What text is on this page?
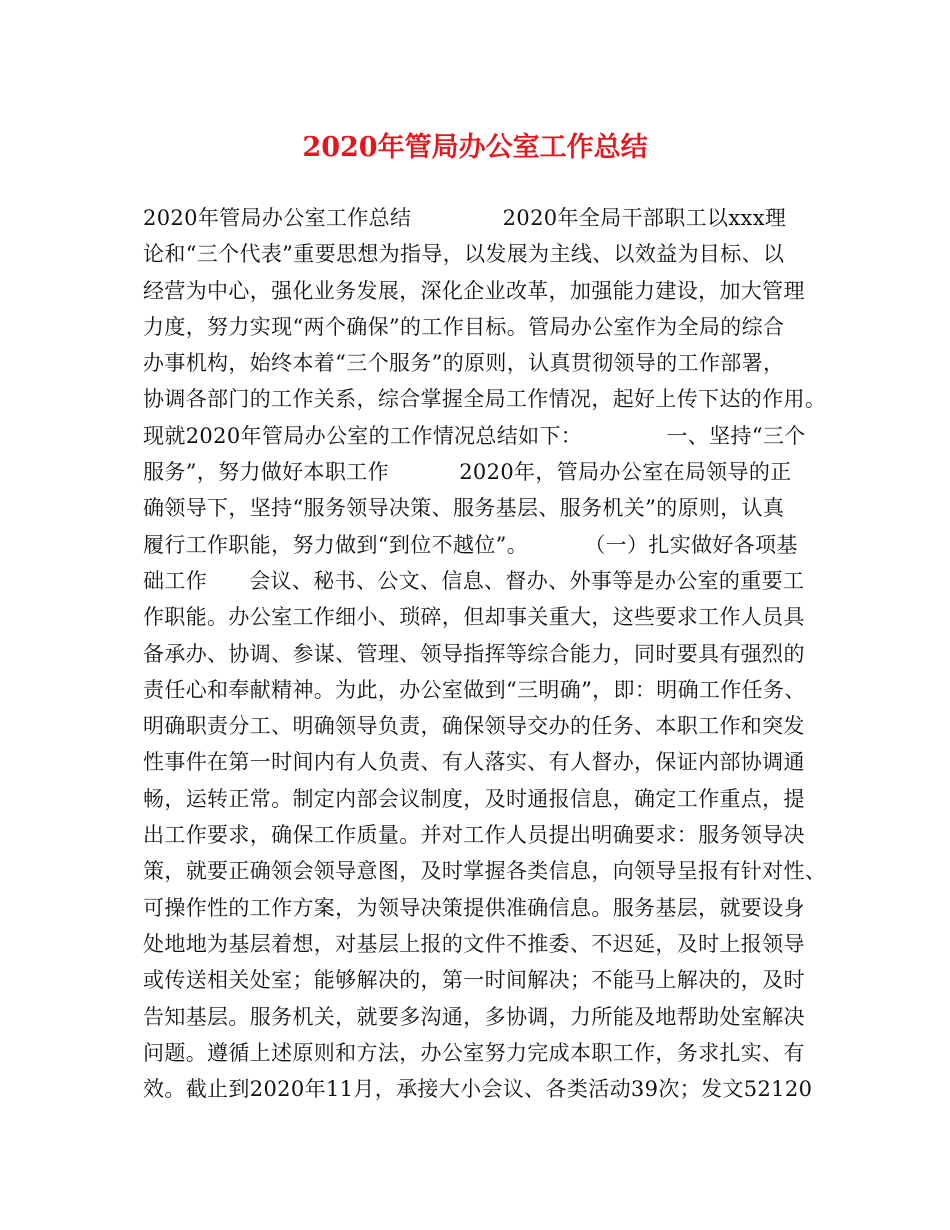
2020年管局办公室工作总结
2020年管局办公室工作总结             2020年全局干部职工以xxx理
论和“三个代表”重要思想为指导，以发展为主线、以效益为目标、以
经营为中心，强化业务发展，深化企业改革，加强能力建设，加大管理
力度，努力实现“两个确保”的工作目标。管局办公室作为全局的综合
办事机构，始终本着“三个服务”的原则，认真贯彻领导的工作部署，
协调各部门的工作关系，综合掌握全局工作情况，起好上传下达的作用。
现就2020年管局办公室的工作情况总结如下：            一、坚持“三个
服务”，努力做好本职工作          2020年，管局办公室在局领导的正
确领导下，坚持“服务领导决策、服务基层、服务机关”的原则，认真
履行工作职能，努力做到“到位不越位”。        （一）扎实做好各项基
础工作      会议、秘书、公文、信息、督办、外事等是办公室的重要工
作职能。办公室工作细小、琐碎，但却事关重大，这些要求工作人员具
备承办、协调、参谋、管理、领导指挥等综合能力，同时要具有强烈的
责任心和奉献精神。为此，办公室做到“三明确”，即：明确工作任务、
明确职责分工、明确领导负责，确保领导交办的任务、本职工作和突发
性事件在第一时间内有人负责、有人落实、有人督办，保证内部协调通
畅，运转正常。制定内部会议制度，及时通报信息，确定工作重点，提
出工作要求，确保工作质量。并对工作人员提出明确要求：服务领导决
策，就要正确领会领导意图，及时掌握各类信息，向领导呈报有针对性、
可操作性的工作方案，为领导决策提供准确信息。服务基层，就要设身
处地地为基层着想，对基层上报的文件不推委、不迟延，及时上报领导
或传送相关处室；能够解决的，第一时间解决；不能马上解决的，及时
告知基层。服务机关，就要多沟通，多协调，力所能及地帮助处室解决
问题。遵循上述原则和方法，办公室努力完成本职工作，务求扎实、有
效。截止到2020年11月，承接大小会议、各类活动39次；发文52120
